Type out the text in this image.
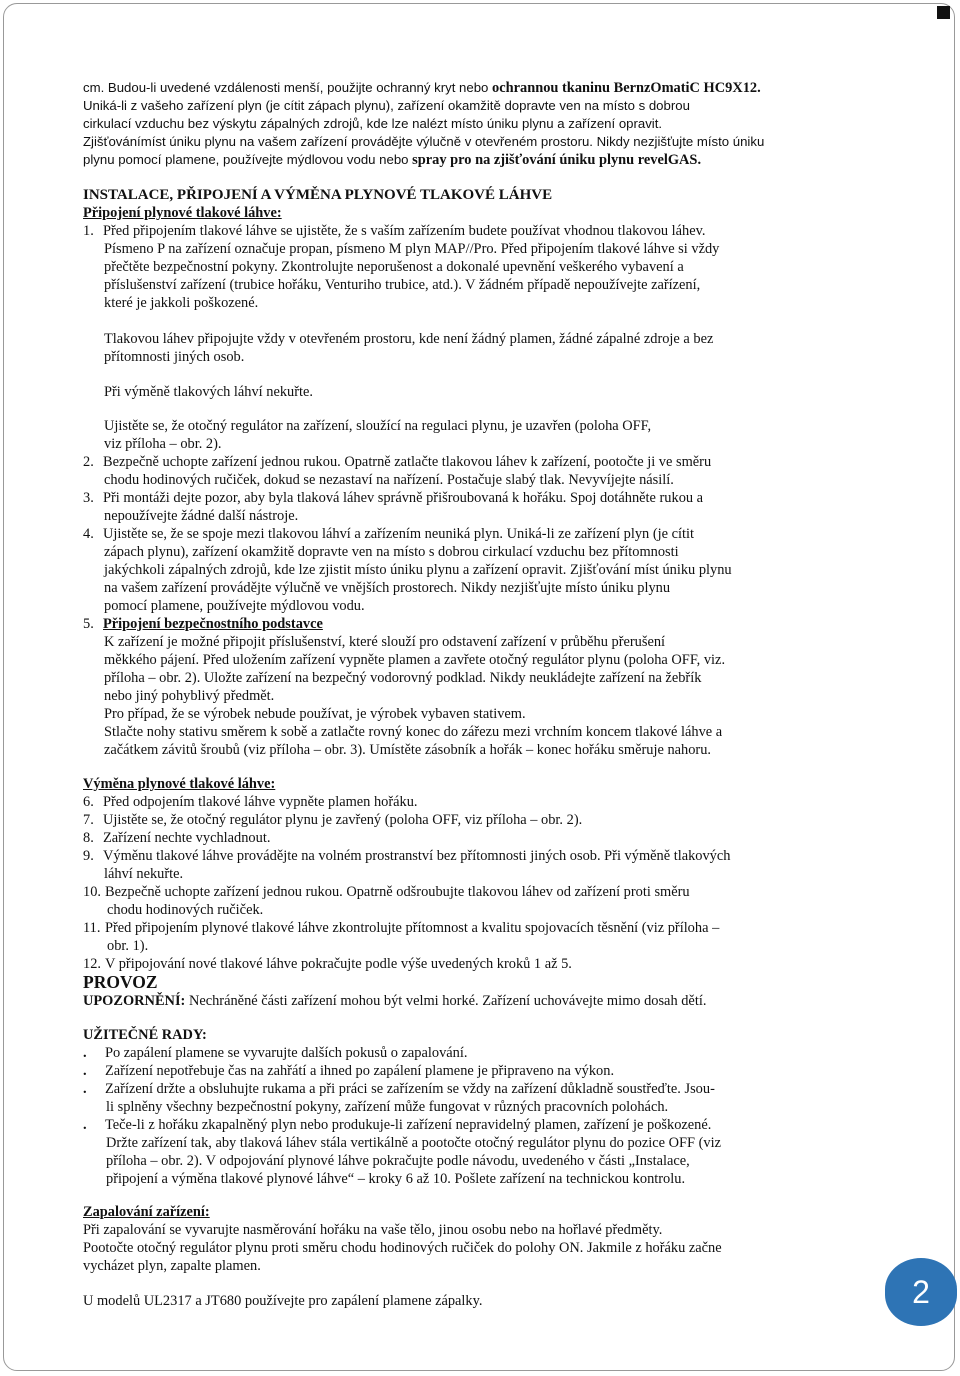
cm. Budou-li uvedené vzdálenosti menší, použijte ochranný kryt nebo ochrannou tkaninu BernzOmatiC HC9X12.
Uniká-li z vašeho zařízení plyn (je cítit zápach plynu), zařízení okamžitě dopravte ven na místo s dobrou
cirkulací vzduchu bez výskytu zápalných zdrojů, kde lze nalézt místo úniku plynu a zařízení opravit.
Zjišťovánímíst úniku plynu na vašem zařízení provádějte výlučně v otevřeném prostoru. Nikdy nezjišťujte místo úniku
plynu pomocí plamene, používejte mýdlovou vodu nebo spray pro na zjišťování úniku plynu revelGAS.
INSTALACE, PŘIPOJENÍ A VÝMĚNA PLYNOVÉ TLAKOVÉ LÁHVE
Připojení plynové tlakové láhve:
1. Před připojením tlakové láhve se ujistěte, že s vaším zařízením budete používat vhodnou tlakovou láhev.
Písmeno P na zařízení označuje propan, písmeno M plyn MAP//Pro. Před připojením tlakové láhve si vždy
přečtěte bezpečnostní pokyny. Zkontrolujte neporušenost a dokonalé upevnění veškerého vybavení a
příslušenství zařízení (trubice hořáku, Venturiho trubice, atd.). V žádném případě nepoužívejte zařízení,
které je jakkoli poškozené.
Tlakovou láhev připojujte vždy v otevřeném prostoru, kde není žádný plamen, žádné zápalné zdroje a bez
přítomnosti jiných osob.
Při výměně tlakových láhví nekuřte.
Ujistěte se, že otočný regulátor na zařízení, sloužící na regulaci plynu, je uzavřen (poloha OFF,
viz příloha – obr. 2).
2. Bezpečně uchopte zařízení jednou rukou. Opatrně zatlačte tlakovou láhev k zařízení, pootočte ji ve směru
chodu hodinových ručiček, dokud se nezastaví na nařízení. Postačuje slabý tlak. Nevyvíjejte násilí.
3. Při montáži dejte pozor, aby byla tlaková láhev správně přišroubovaná k hořáku. Spoj dotáhněte rukou a
nepoužívejte žádné další nástroje.
4. Ujistěte se, že se spoje mezi tlakovou láhví a zařízením neuniká plyn. Uniká-li ze zařízení plyn (je cítit
zápach plynu), zařízení okamžitě dopravte ven na místo s dobrou cirkulací vzduchu bez přítomnosti
jakýchkoli zápalných zdrojů, kde lze zjistit místo úniku plynu a zařízení opravit. Zjišťování míst úniku plynu
na vašem zařízení provádějte výlučně ve vnějších prostorech. Nikdy nezjišťujte místo úniku plynu
pomocí plamene, používejte mýdlovou vodu.
5. Připojení bezpečnostního podstavce
K zařízení je možné připojit příslušenství, které slouží pro odstavení zařízení v průběhu přerušení
měkkého pájení. Před uložením zařízení vypněte plamen a zavřete otočný regulátor plynu (poloha OFF, viz.
příloha – obr. 2). Uložte zařízení na bezpečný vodorovný podklad. Nikdy neukládejte zařízení na žebřík
nebo jiný pohyblivý předmět.
Pro případ, že se výrobek nebude používat, je výrobek vybaven stativem.
Stlačte nohy stativu směrem k sobě a zatlačte rovný konec do zářezu mezi vrchním koncem tlakové láhve a
začátkem závitů šroubů (viz příloha – obr. 3). Umístěte zásobník a hořák – konec hořáku směruje nahoru.
Výměna plynové tlakové láhve:
6. Před odpojením tlakové láhve vypněte plamen hořáku.
7. Ujistěte se, že otočný regulátor plynu je zavřený (poloha OFF, viz příloha – obr. 2).
8. Zařízení nechte vychladnout.
9. Výměnu tlakové láhve provádějte na volném prostranství bez přítomnosti jiných osob. Při výměně tlakových
láhví nekuřte.
10. Bezpečně uchopte zařízení jednou rukou. Opatrně odšroubujte tlakovou láhev od zařízení proti směru
chodu hodinových ručiček.
11. Před připojením plynové tlakové láhve zkontrolujte přítomnost a kvalitu spojovacích těsnění (viz příloha –
obr. 1).
12. V připojování nové tlakové láhve pokračujte podle výše uvedených kroků 1 až 5.
PROVOZ
UPOZORNĚNÍ: Nechráněné části zařízení mohou být velmi horké. Zařízení uchovávejte mimo dosah dětí.
UŽITEČNÉ RADY:
. Po zapálení plamene se vyvarujte dalších pokusů o zapalování.
. Zařízení nepotřebuje čas na zahřátí a ihned po zapálení plamene je připraveno na výkon.
. Zařízení držte a obsluhujte rukama a při práci se zařízením se vždy na zařízení důkladně soustřeďte. Jsou-
li splněny všechny bezpečnostní pokyny, zařízení může fungovat v různých pracovních polohách.
. Teče-li z hořáku zkapalněný plyn nebo produkuje-li zařízení nepravidelný plamen, zařízení je poškozené.
Držte zařízení tak, aby tlaková láhev stála vertikálně a pootočte otočný regulátor plynu do pozice OFF (viz
příloha – obr. 2). V odpojování plynové láhve pokračujte podle návodu, uvedeného v části „Instalace,
připojení a výměna tlakové plynové láhve“ – kroky 6 až 10. Pošlete zařízení na technickou kontrolu.
Zapalování zařízení:
Při zapalování se vyvarujte nasměrování hořáku na vaše tělo, jinou osobu nebo na hořlavé předměty.
Pootočte otočný regulátor plynu proti směru chodu hodinových ručiček do polohy ON. Jakmile z hořáku začne
vycházet plyn, zapalte plamen.
U modelů UL2317 a JT680 používejte pro zapálení plamene zápalky.	2
